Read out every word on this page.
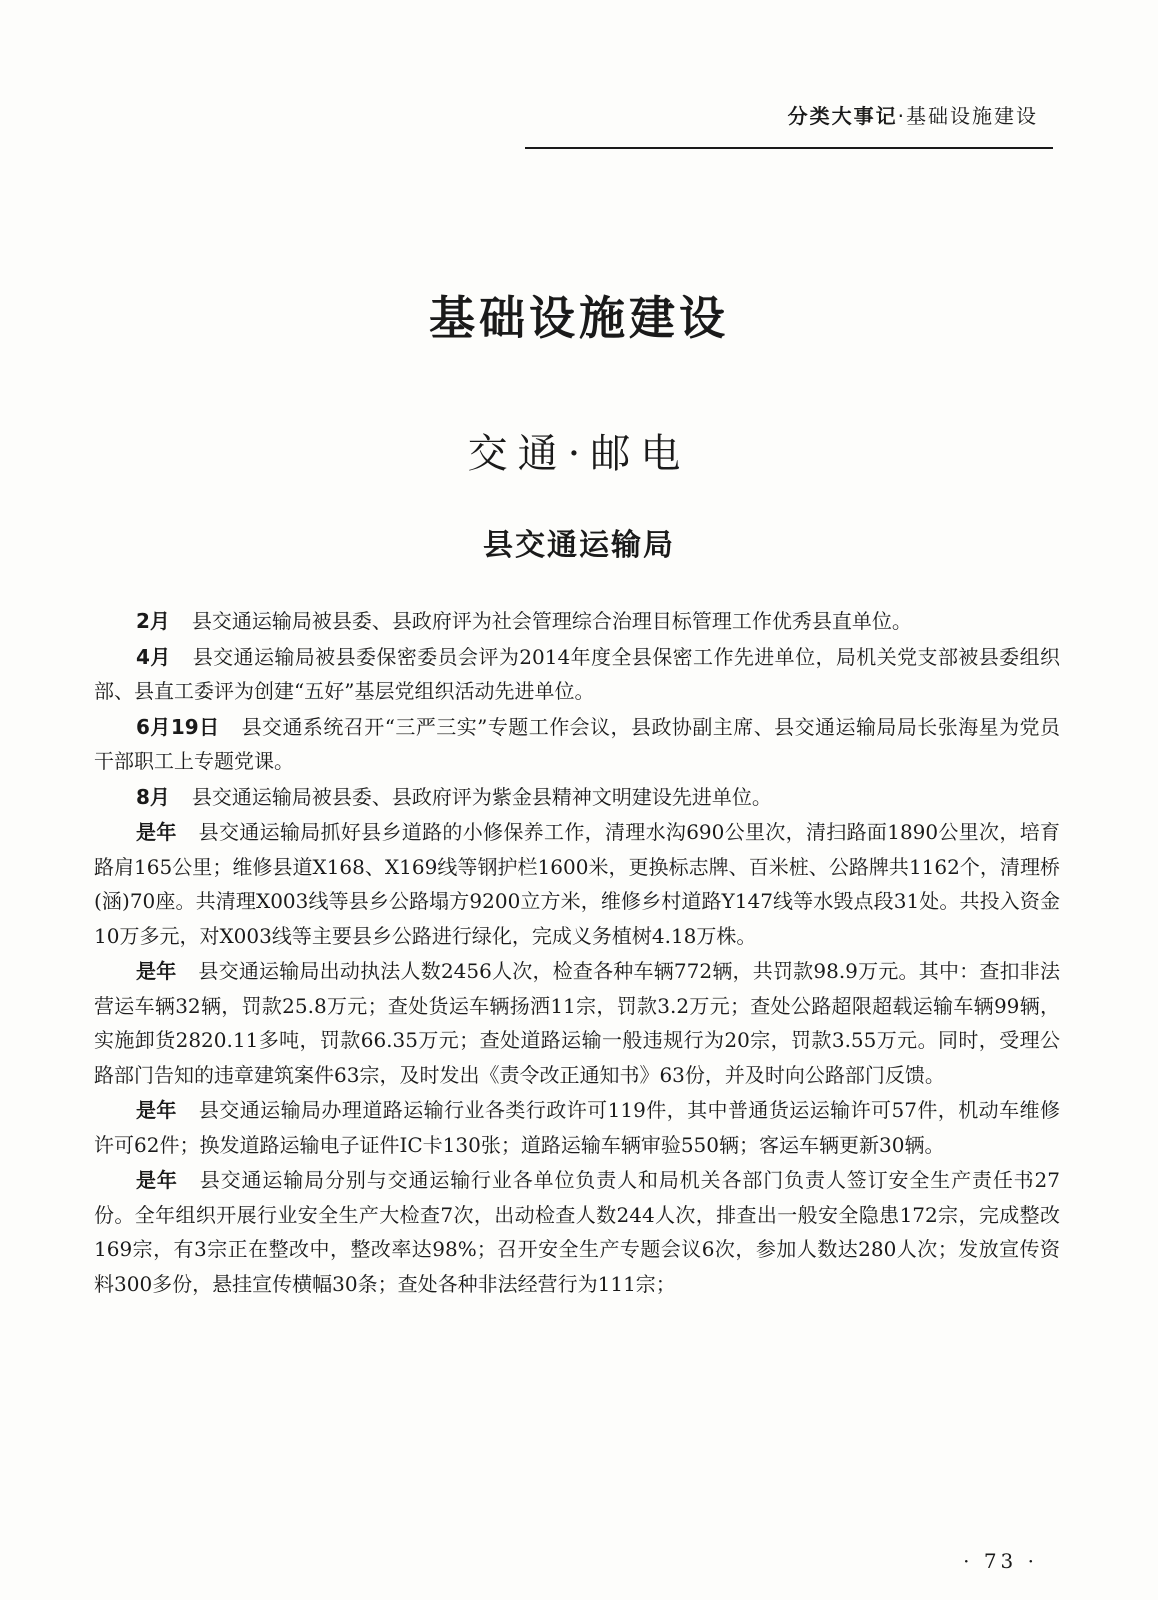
分类大事记·基础设施建设
基础设施建设
交通·邮电
县交通运输局

2月 县交通运输局被县委、县政府评为社会管理综合治理目标管理工作优秀县直单位。

4月 县交通运输局被县委保密委员会评为2014年度全县保密工作先进单位，局机关党支部被县委组织部、县直工委评为创建“五好”基层党组织活动先进单位。

6月19日 县交通系统召开“三严三实”专题工作会议，县政协副主席、县交通运输局局长张海星为党员干部职工上专题党课。

8月 县交通运输局被县委、县政府评为紫金县精神文明建设先进单位。

是年 县交通运输局抓好县乡道路的小修保养工作，清理水沟690公里次，清扫路面1890公里次，培育路肩165公里；维修县道X168、X169线等钢护栏1600米，更换标志牌、百米桩、公路牌共1162个，清理桥(涵)70座。共清理X003线等县乡公路塌方9200立方米，维修乡村道路Y147线等水毁点段31处。共投入资金10万多元，对X003线等主要县乡公路进行绿化，完成义务植树4.18万株。

是年 县交通运输局出动执法人数2456人次，检查各种车辆772辆，共罚款98.9万元。其中：查扣非法营运车辆32辆，罚款25.8万元；查处货运车辆扬洒11宗，罚款3.2万元；查处公路超限超载运输车辆99辆，实施卸货2820.11多吨，罚款66.35万元；查处道路运输一般违规行为20宗，罚款3.55万元。同时，受理公路部门告知的违章建筑案件63宗，及时发出《责令改正通知书》63份，并及时向公路部门反馈。

是年 县交通运输局办理道路运输行业各类行政许可119件，其中普通货运运输许可57件，机动车维修许可62件；换发道路运输电子证件IC卡130张；道路运输车辆审验550辆；客运车辆更新30辆。

是年 县交通运输局分别与交通运输行业各单位负责人和局机关各部门负责人签订安全生产责任书27份。全年组织开展行业安全生产大检查7次，出动检查人数244人次，排查出一般安全隐患172宗，完成整改169宗，有3宗正在整改中，整改率达98%；召开安全生产专题会议6次，参加人数达280人次；发放宣传资料300多份，悬挂宣传横幅30条；查处各种非法经营行为111宗；

· 73 ·
